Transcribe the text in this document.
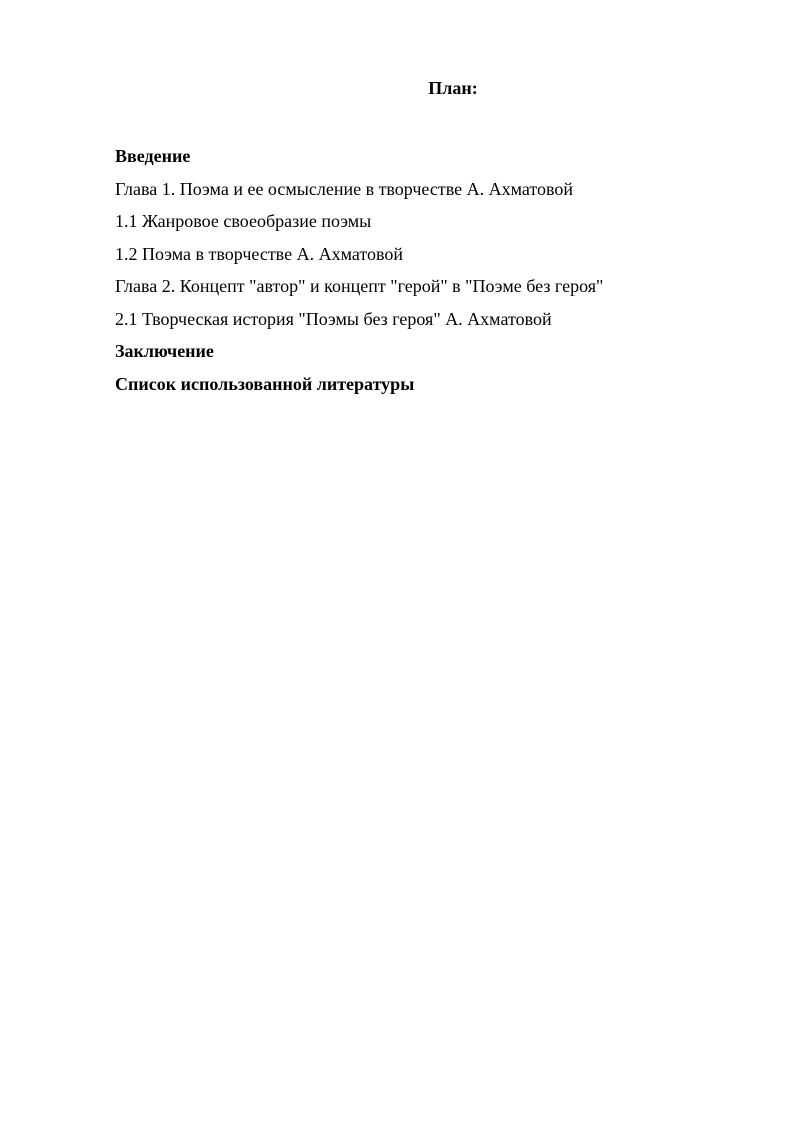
План:
Введение
Глава 1. Поэма и ее осмысление в творчестве А. Ахматовой
1.1 Жанровое своеобразие поэмы
1.2 Поэма в творчестве А. Ахматовой
Глава 2. Концепт "автор" и концепт "герой" в "Поэме без героя"
2.1 Творческая история "Поэмы без героя" А. Ахматовой
Заключение
Список использованной литературы
